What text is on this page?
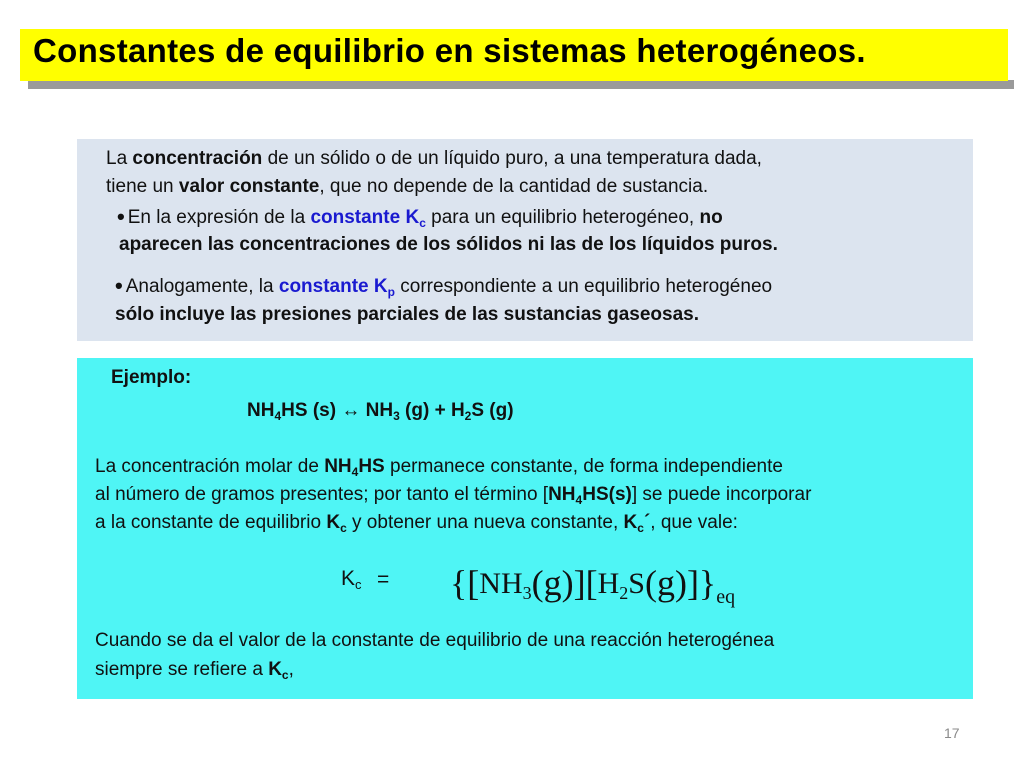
Constantes de equilibrio en sistemas heterogéneos.

La concentración de un sólido o de un líquido puro, a una temperatura dada,

tiene un valor constante, que no depende de la cantidad de sustancia.

• En la expresión de la constante $K_c$ para un equilibrio heterogéneo, no

aparecen las concentraciones de los sólidos ni las de los líquidos puros.

• Analogamente, la constante $K_p$ correspondiente a un equilibrio heterogéneo

sólo incluye las presiones parciales de las sustancias gaseosas.

Ejemplo:

$NH_4HS$ (s) ↔ $NH_3$ $(g) + H_2S$ (g)

La concentración molar de $NH_4HS$ permanece constante, de forma independiente

al número de gramos presentes; por tanto el término $[NH_4HS(s)]$ se puede incorporar

a la constante de equilibrio $K_c$ y obtener una nueva constante, $K_c´$, que vale:

$K_c = \{[NH_3(g)][H_2S(g)]\}_{eq}$

Cuando se da el valor de la constante de equilibrio de una reacción heterogénea

siempre se refiere a $K_c$,

17
